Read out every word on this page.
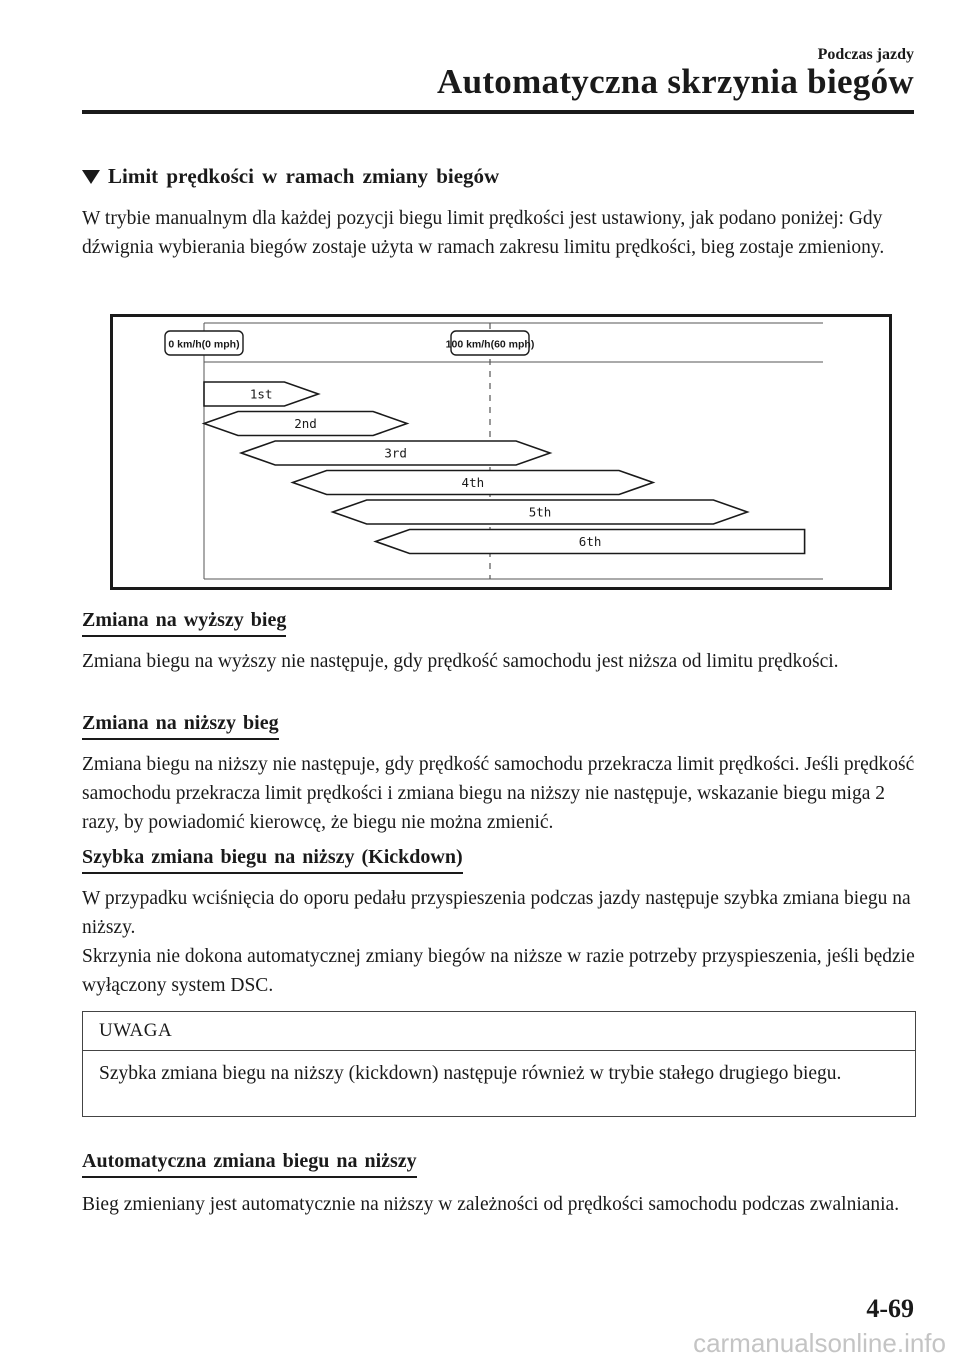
Podczas jazdy
Automatyczna skrzynia biegów
Limit prędkości w ramach zmiany biegów

W trybie manualnym dla każdej pozycji biegu limit prędkości jest ustawiony, jak podano poniżej: Gdy dźwignia wybierania biegów zostaje użyta w ramach zakresu limitu prędkości, bieg zostaje zmieniony.

0 km/h(0 mph)	100 km/h(60 mph)
1st
2nd
3rd
4th
5th
6th
Zmiana na wyższy bieg

Zmiana biegu na wyższy nie następuje, gdy prędkość samochodu jest niższa od limitu prędkości.

Zmiana na niższy bieg

Zmiana biegu na niższy nie następuje, gdy prędkość samochodu przekracza limit prędkości. Jeśli prędkość samochodu przekracza limit prędkości i zmiana biegu na niższy nie następuje, wskazanie biegu miga 2 razy, by powiadomić kierowcę, że biegu nie można zmienić.

Szybka zmiana biegu na niższy (Kickdown)

W przypadku wciśnięcia do oporu pedału przyspieszenia podczas jazdy następuje szybka zmiana biegu na niższy.

Skrzynia nie dokona automatycznej zmiany biegów na niższe w razie potrzeby przyspieszenia, jeśli będzie wyłączony system DSC.

UWAGA
Szybka zmiana biegu na niższy (kickdown) następuje również w trybie stałego drugiego biegu.
Automatyczna zmiana biegu na niższy

Bieg zmieniany jest automatycznie na niższy w zależności od prędkości samochodu podczas zwalniania.

4-69
carmanualsonline.info
